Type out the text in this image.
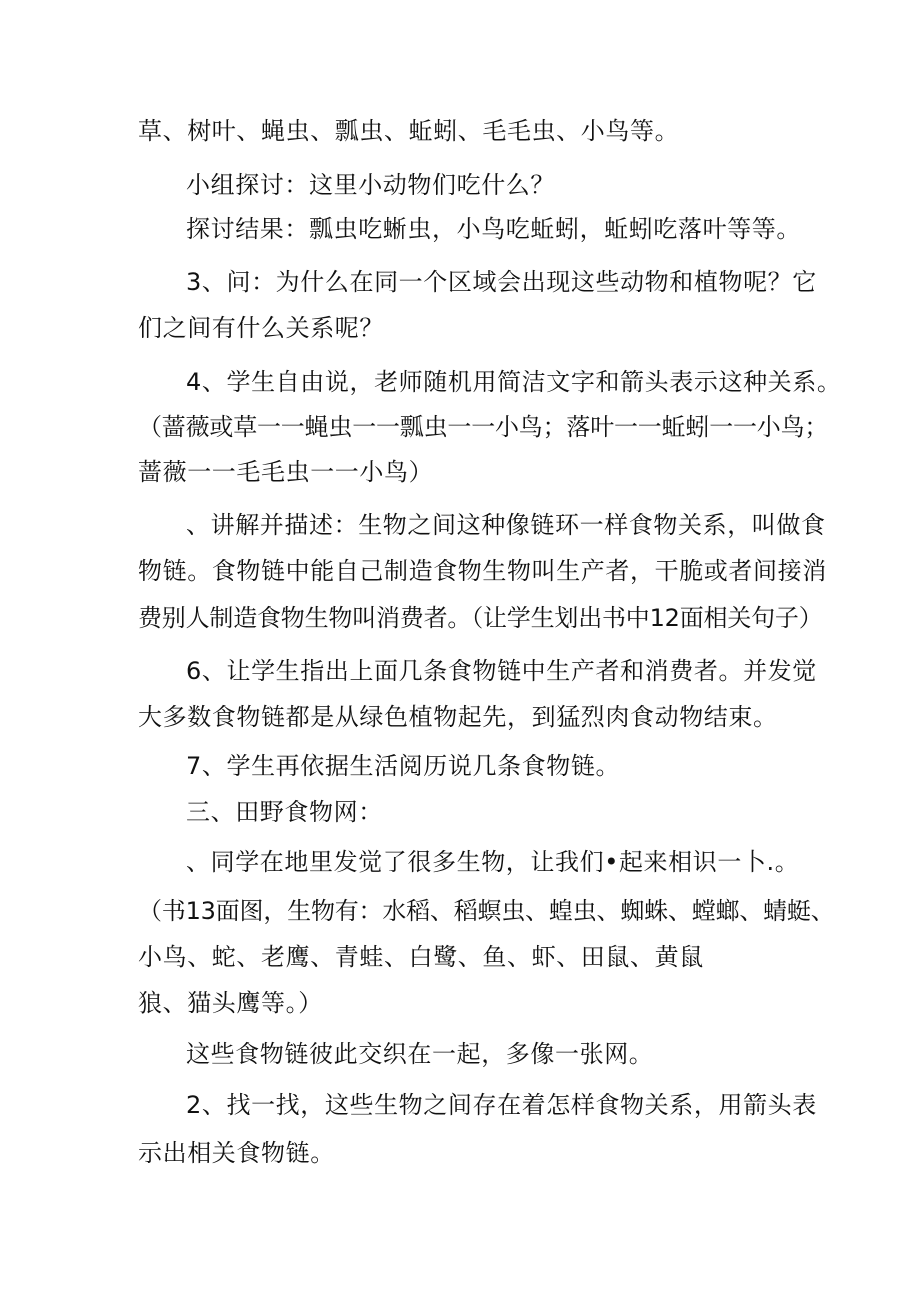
草、树叶、蝇虫、瓢虫、蚯蚓、毛毛虫、小鸟等。
小组探讨：这里小动物们吃什么？
探讨结果：瓢虫吃蜥虫，小鸟吃蚯蚓，蚯蚓吃落叶等等。
3、问：为什么在同一个区域会出现这些动物和植物呢？它
们之间有什么关系呢？
4、学生自由说，老师随机用简洁文字和箭头表示这种关系。
（蔷薇或草一一蝇虫一一瓢虫一一小鸟；落叶一一蚯蚓一一小鸟；
蔷薇一一毛毛虫一一小鸟）
、讲解并描述：生物之间这种像链环一样食物关系，叫做食
物链。食物链中能自己制造食物生物叫生产者，干脆或者间接消
费别人制造食物生物叫消费者。（让学生划出书中12面相关句子）
6、让学生指出上面几条食物链中生产者和消费者。并发觉
大多数食物链都是从绿色植物起先，到猛烈肉食动物结束。
7、学生再依据生活阅历说几条食物链。
三、田野食物网：
、同学在地里发觉了很多生物，让我们•起来相识一卜.。
（书13面图，生物有：水稻、稻螟虫、蝗虫、蜘蛛、螳螂、蜻蜓、
小鸟、蛇、老鹰、青蛙、白鹭、鱼、虾、田鼠、黄鼠
狼、猫头鹰等。）
这些食物链彼此交织在一起，多像一张网。
2、找一找，这些生物之间存在着怎样食物关系，用箭头表
示出相关食物链。
